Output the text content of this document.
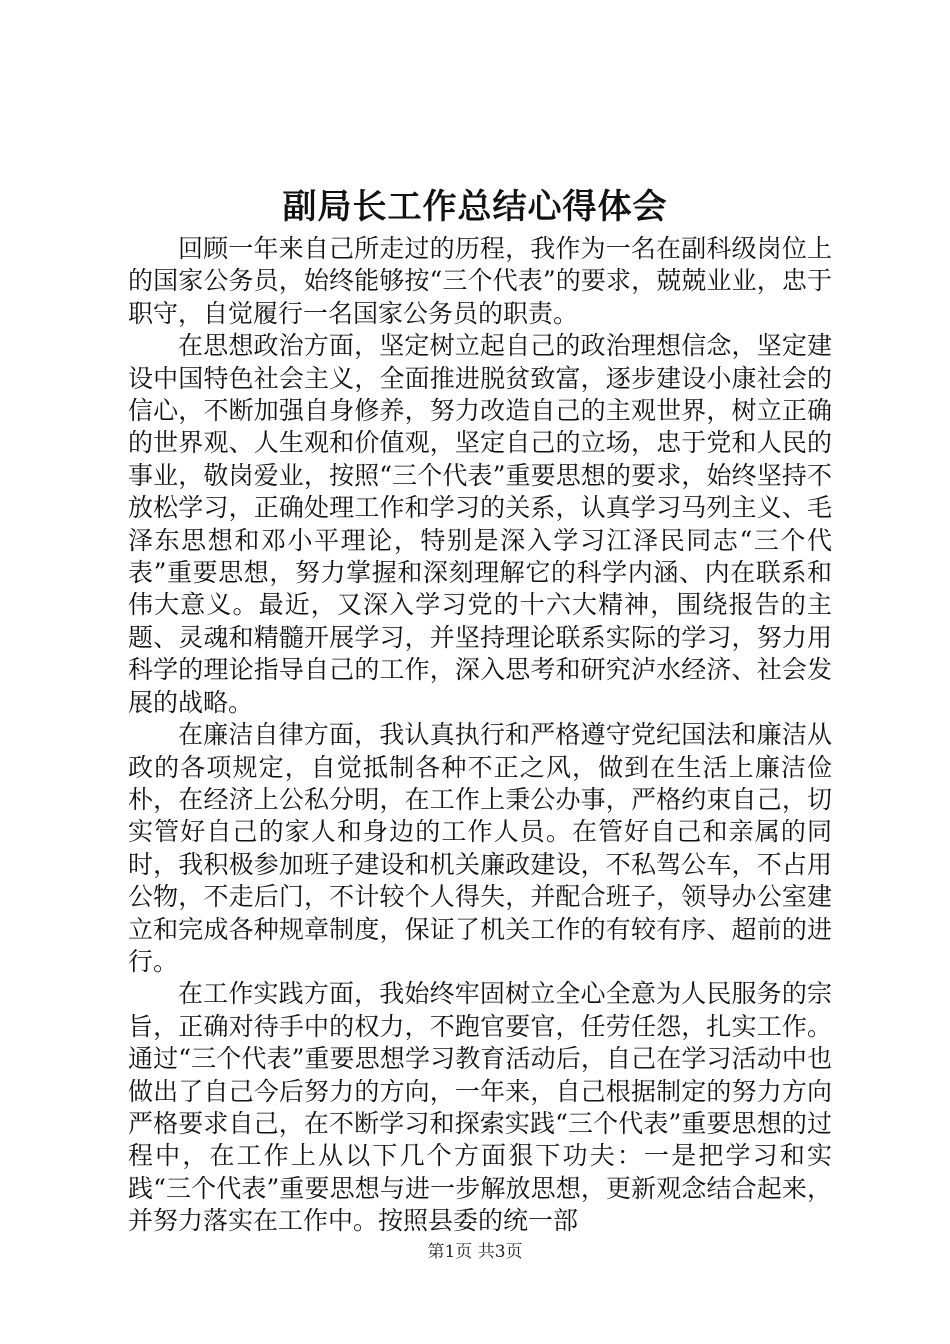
副局长工作总结心得体会

回顾一年来自己所走过的历程，我作为一名在副科级岗位上的国家公务员，始终能够按“三个代表”的要求，兢兢业业，忠于职守，自觉履行一名国家公务员的职责。

在思想政治方面，坚定树立起自己的政治理想信念，坚定建设中国特色社会主义，全面推进脱贫致富，逐步建设小康社会的信心，不断加强自身修养，努力改造自己的主观世界，树立正确的世界观、人生观和价值观，坚定自己的立场，忠于党和人民的事业，敬岗爱业，按照“三个代表”重要思想的要求，始终坚持不放松学习，正确处理工作和学习的关系，认真学习马列主义、毛泽东思想和邓小平理论，特别是深入学习江泽民同志“三个代表”重要思想，努力掌握和深刻理解它的科学内涵、内在联系和伟大意义。最近，又深入学习党的十六大精神，围绕报告的主题、灵魂和精髓开展学习，并坚持理论联系实际的学习，努力用科学的理论指导自己的工作，深入思考和研究泸水经济、社会发展的战略。

在廉洁自律方面，我认真执行和严格遵守党纪国法和廉洁从政的各项规定，自觉抵制各种不正之风，做到在生活上廉洁俭朴，在经济上公私分明，在工作上秉公办事，严格约束自己，切实管好自己的家人和身边的工作人员。在管好自己和亲属的同时，我积极参加班子建设和机关廉政建设，不私驾公车，不占用公物，不走后门，不计较个人得失，并配合班子，领导办公室建立和完成各种规章制度，保证了机关工作的有较有序、超前的进行。

在工作实践方面，我始终牢固树立全心全意为人民服务的宗旨，正确对待手中的权力，不跑官要官，任劳任怨，扎实工作。通过“三个代表”重要思想学习教育活动后，自己在学习活动中也做出了自己今后努力的方向，一年来，自己根据制定的努力方向严格要求自己，在不断学习和探索实践“三个代表”重要思想的过程中，在工作上从以下几个方面狠下功夫：一是把学习和实践“三个代表”重要思想与进一步解放思想，更新观念结合起来，并努力落实在工作中。按照县委的统一部

第1页 共3页
